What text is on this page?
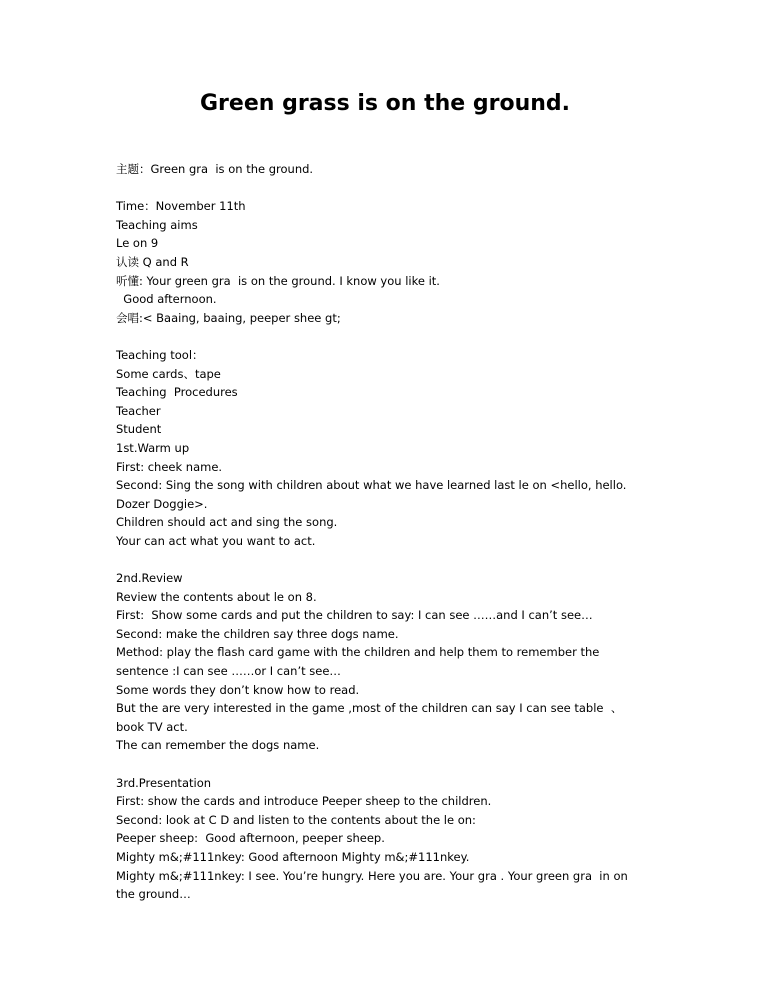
Green grass is on the ground.
主题：Green gra  is on the ground.
Time：November 11th
Teaching aims
Le on 9
认读 Q and R
听懂: Your green gra  is on the ground. I know you like it.
Good afternoon.
会唱:< Baaing, baaing, peeper shee gt;
Teaching tool：
Some cards、tape
Teaching  Procedures
Teacher
Student
1st.Warm up
First: cheek name.
Second: Sing the song with children about what we have learned last le on <hello, hello.
Dozer Doggie>.
Children should act and sing the song.
Your can act what you want to act.
2nd.Review
Review the contents about le on 8.
First:  Show some cards and put the children to say: I can see ……and I can’t see…
Second: make the children say three dogs name.
Method: play the flash card game with the children and help them to remember the
sentence :I can see ……or I can’t see…
Some words they don’t know how to read.
But the are very interested in the game ,most of the children can say I can see table  、
book TV act.
The can remember the dogs name.
3rd.Presentation
First: show the cards and introduce Peeper sheep to the children.
Second: look at C D and listen to the contents about the le on:
Peeper sheep:  Good afternoon, peeper sheep.
Mighty m&;#111nkey: Good afternoon Mighty m&;#111nkey.
Mighty m&;#111nkey: I see. You’re hungry. Here you are. Your gra . Your green gra  in on
the ground…
